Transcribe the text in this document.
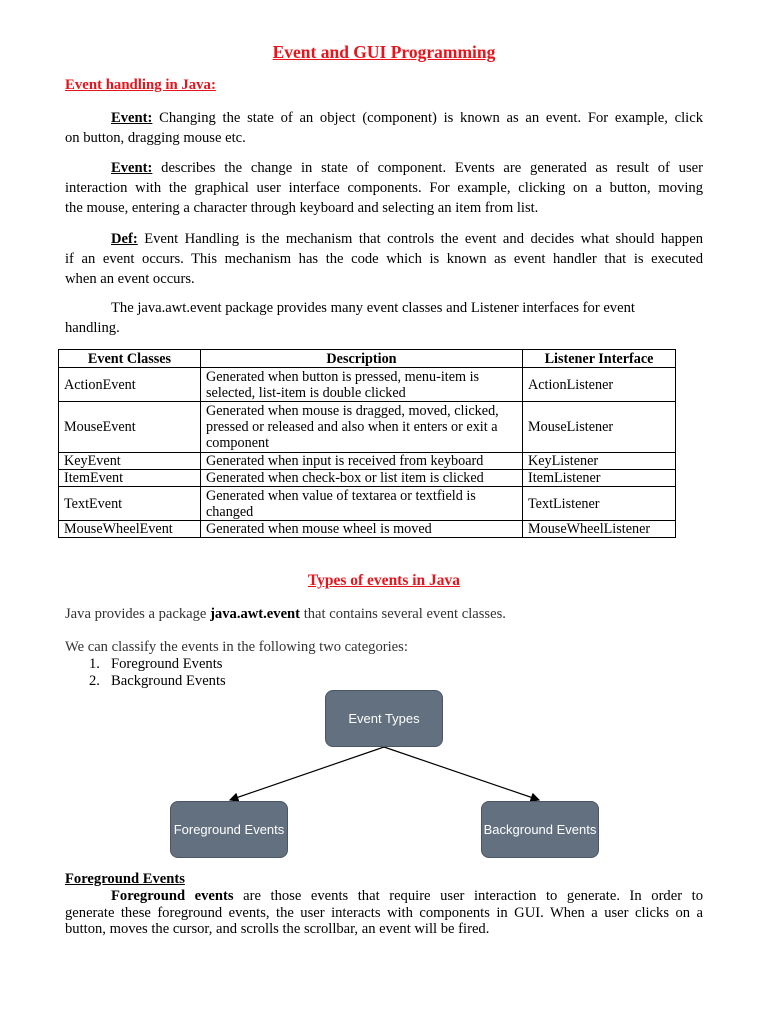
Event and GUI Programming
Event handling in Java:
Event: Changing the state of an object (component) is known as an event. For example, click
on button, dragging mouse etc.
Event: describes the change in state of component. Events are generated as result of user
interaction with the graphical user interface components. For example, clicking on a button, moving
the mouse, entering a character through keyboard and selecting an item from list.
Def: Event Handling is the mechanism that controls the event and decides what should happen
if an event occurs. This mechanism has the code which is known as event handler that is executed
when an event occurs.
The java.awt.event package provides many event classes and Listener interfaces for event
handling.
Event Classes	Description	Listener Interface
ActionEvent	Generated when button is pressed, menu-item is selected, list-item is double clicked	ActionListener
MouseEvent	Generated when mouse is dragged, moved, clicked, pressed or released and also when it enters or exit a component	MouseListener
KeyEvent	Generated when input is received from keyboard	KeyListener
ItemEvent	Generated when check-box or list item is clicked	ItemListener
TextEvent	Generated when value of textarea or textfield is changed	TextListener
MouseWheelEvent	Generated when mouse wheel is moved	MouseWheelListener
Types of events in Java
Java provides a package java.awt.event that contains several event classes.
We can classify the events in the following two categories:
1. Foreground Events
2. Background Events
Event Types
Foreground Events	Background Events
Foreground Events
Foreground events are those events that require user interaction to generate. In order to
generate these foreground events, the user interacts with components in GUI. When a user clicks on a
button, moves the cursor, and scrolls the scrollbar, an event will be fired.
